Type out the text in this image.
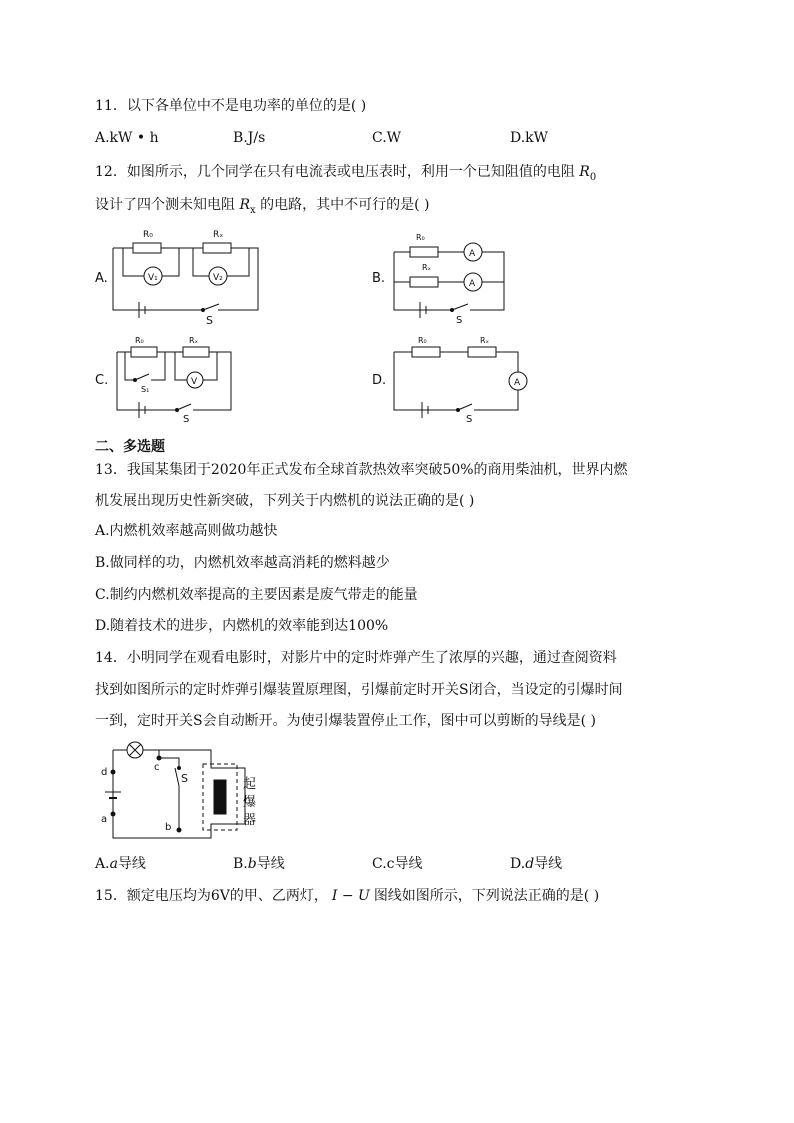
11．以下各单位中不是电功率的单位的是( )
A.kW • h	B.J/s	C.W	D.kW
12．如图所示，几个同学在只有电流表或电压表时，利用一个已知阻值的电阻 $R_0$
设计了四个测未知电阻 $R_x$ 的电路，其中不可行的是( )
A.
R₀	Rₓ
V₁	V₂
S
B.
R₀
Rₓ
A
A
S
C.
R₀	Rₓ
S₁
V
S
D.
R₀	Rₓ
A
S
二、多选题
13．我国某集团于2020年正式发布全球首款热效率突破50%的商用柴油机，世界内燃
机发展出现历史性新突破，下列关于内燃机的说法正确的是( )
A.内燃机效率越高则做功越快
B.做同样的功，内燃机效率越高消耗的燃料越少
C.制约内燃机效率提高的主要因素是废气带走的能量
D.随着技术的进步，内燃机的效率能到达100%
14．小明同学在观看电影时，对影片中的定时炸弹产生了浓厚的兴趣，通过查阅资料
找到如图所示的定时炸弹引爆装置原理图，引爆前定时开关S闭合，当设定的引爆时间
一到，定时开关S会自动断开。为使引爆装置停止工作，图中可以剪断的导线是( )
c
S
b
d
a
起
爆
器
A.a导线	B.b导线	C.c导线	D.d导线
15．额定电压均为6V的甲、乙两灯， I − U 图线如图所示，下列说法正确的是( )
